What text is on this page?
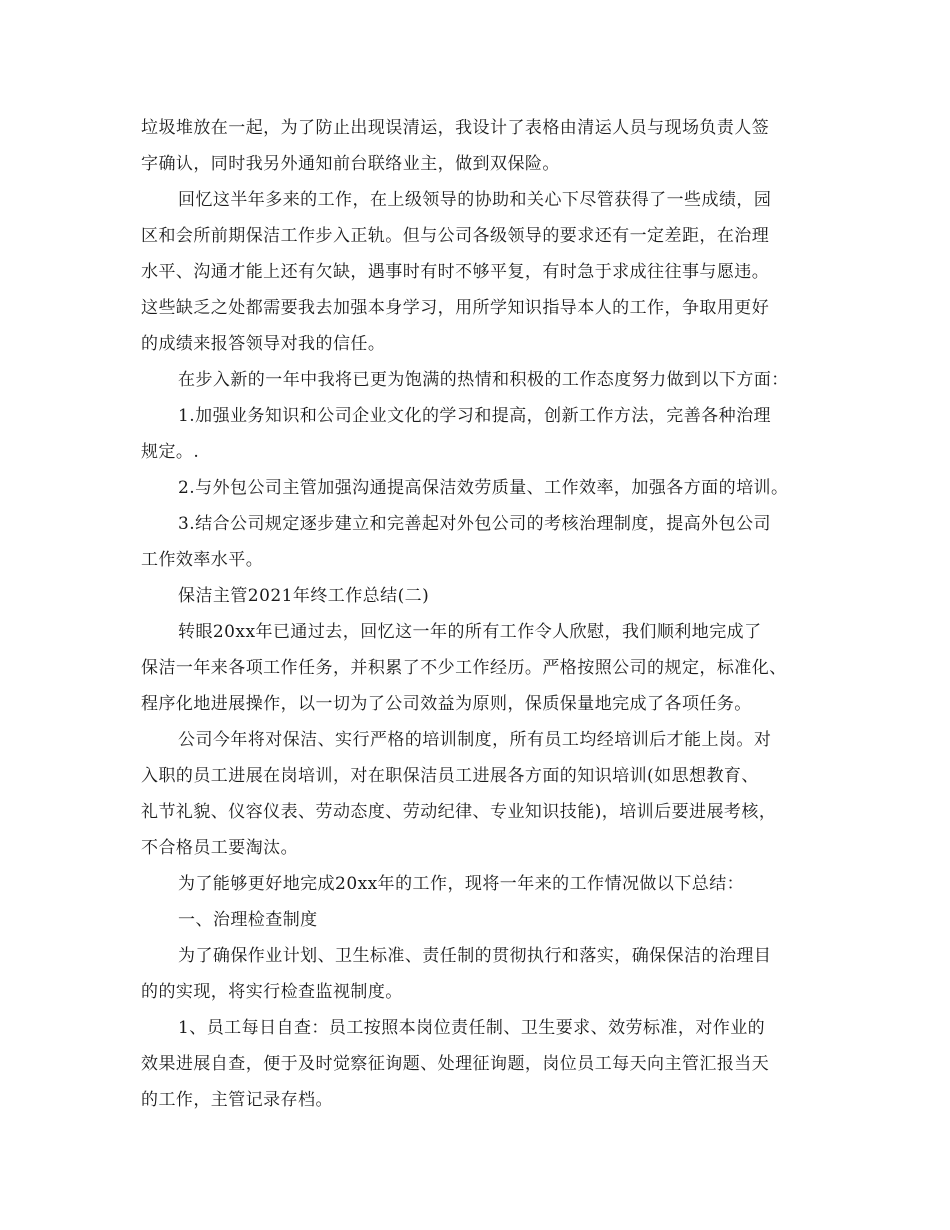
垃圾堆放在一起，为了防止出现误清运，我设计了表格由清运人员与现场负责人签
字确认，同时我另外通知前台联络业主，做到双保险。
回忆这半年多来的工作，在上级领导的协助和关心下尽管获得了一些成绩，园
区和会所前期保洁工作步入正轨。但与公司各级领导的要求还有一定差距，在治理
水平、沟通才能上还有欠缺，遇事时有时不够平复，有时急于求成往往事与愿违。
这些缺乏之处都需要我去加强本身学习，用所学知识指导本人的工作，争取用更好
的成绩来报答领导对我的信任。
在步入新的一年中我将已更为饱满的热情和积极的工作态度努力做到以下方面：
1.加强业务知识和公司企业文化的学习和提高，创新工作方法，完善各种治理
规定。.
2.与外包公司主管加强沟通提高保洁效劳质量、工作效率，加强各方面的培训。
3.结合公司规定逐步建立和完善起对外包公司的考核治理制度，提高外包公司
工作效率水平。
保洁主管2021年终工作总结(二)
转眼20xx年已通过去，回忆这一年的所有工作令人欣慰，我们顺利地完成了
保洁一年来各项工作任务，并积累了不少工作经历。严格按照公司的规定，标准化、
程序化地进展操作，以一切为了公司效益为原则，保质保量地完成了各项任务。
公司今年将对保洁、实行严格的培训制度，所有员工均经培训后才能上岗。对
入职的员工进展在岗培训，对在职保洁员工进展各方面的知识培训(如思想教育、
礼节礼貌、仪容仪表、劳动态度、劳动纪律、专业知识技能)，培训后要进展考核，
不合格员工要淘汰。
为了能够更好地完成20xx年的工作，现将一年来的工作情况做以下总结：
一、治理检查制度
为了确保作业计划、卫生标准、责任制的贯彻执行和落实，确保保洁的治理目
的的实现，将实行检查监视制度。
1、员工每日自查：员工按照本岗位责任制、卫生要求、效劳标准，对作业的
效果进展自查，便于及时觉察征询题、处理征询题，岗位员工每天向主管汇报当天
的工作，主管记录存档。
